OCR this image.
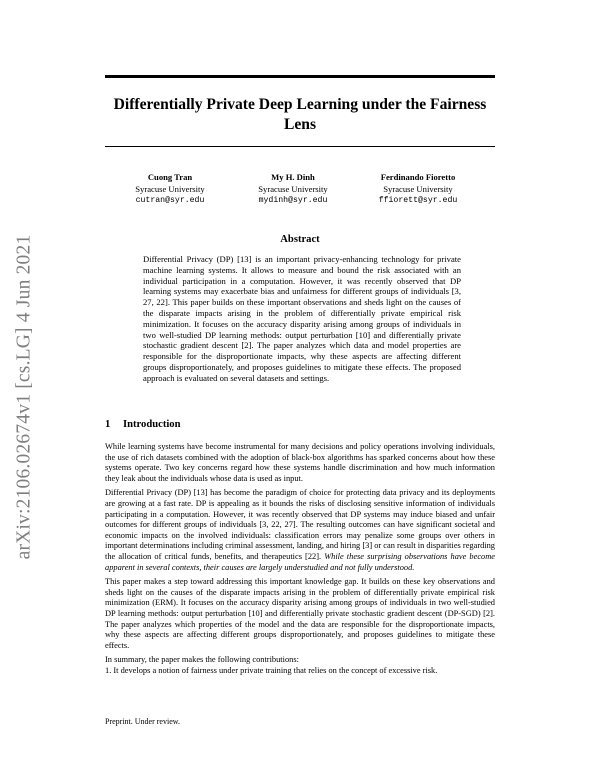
arXiv:2106.02674v1 [cs.LG] 4 Jun 2021
Differentially Private Deep Learning under the Fairness Lens
Cuong Tran
Syracuse University
cutran@syr.edu
My H. Dinh
Syracuse University
mydinh@syr.edu
Ferdinando Fioretto
Syracuse University
ffiorett@syr.edu
Abstract

Differential Privacy (DP) [13] is an important privacy-enhancing technology for private machine learning systems. It allows to measure and bound the risk associated with an individual participation in a computation. However, it was recently observed that DP learning systems may exacerbate bias and unfairness for different groups of individuals [3, 27, 22]. This paper builds on these important observations and sheds light on the causes of the disparate impacts arising in the problem of differentially private empirical risk minimization. It focuses on the accuracy disparity arising among groups of individuals in two well-studied DP learning methods: output perturbation [10] and differentially private stochastic gradient descent [2]. The paper analyzes which data and model properties are responsible for the disproportionate impacts, why these aspects are affecting different groups disproportionately, and proposes guidelines to mitigate these effects. The proposed approach is evaluated on several datasets and settings.

1 Introduction

While learning systems have become instrumental for many decisions and policy operations involving individuals, the use of rich datasets combined with the adoption of black-box algorithms has sparked concerns about how these systems operate. Two key concerns regard how these systems handle discrimination and how much information they leak about the individuals whose data is used as input.

Differential Privacy (DP) [13] has become the paradigm of choice for protecting data privacy and its deployments are growing at a fast rate. DP is appealing as it bounds the risks of disclosing sensitive information of individuals participating in a computation. However, it was recently observed that DP systems may induce biased and unfair outcomes for different groups of individuals [3, 22, 27]. The resulting outcomes can have significant societal and economic impacts on the involved individuals: classification errors may penalize some groups over others in important determinations including criminal assessment, landing, and hiring [3] or can result in disparities regarding the allocation of critical funds, benefits, and therapeutics [22]. While these surprising observations have become apparent in several contexts, their causes are largely understudied and not fully understood.

This paper makes a step toward addressing this important knowledge gap. It builds on these key observations and sheds light on the causes of the disparate impacts arising in the problem of differentially private empirical risk minimization (ERM). It focuses on the accuracy disparity arising among groups of individuals in two well-studied DP learning methods: output perturbation [10] and differentially private stochastic gradient descent (DP-SGD) [2]. The paper analyzes which properties of the model and the data are responsible for the disproportionate impacts, why these aspects are affecting different groups disproportionately, and proposes guidelines to mitigate these effects.

In summary, the paper makes the following contributions:

1. It develops a notion of fairness under private training that relies on the concept of excessive risk.

Preprint. Under review.
